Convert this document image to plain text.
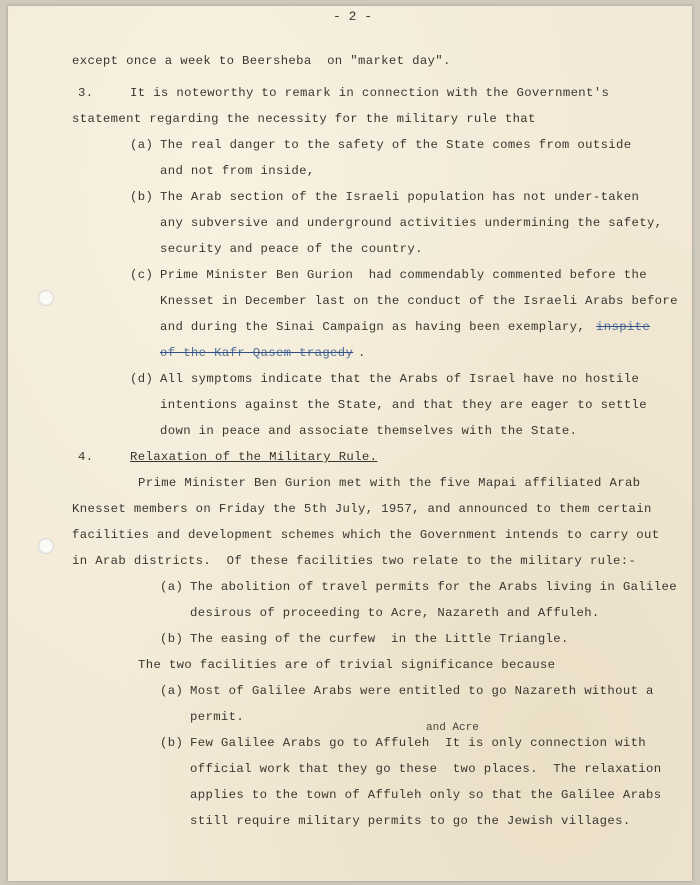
- 2 -
except once a week to Beersheba  on "market day".
3.	It is noteworthy to remark in connection with the Government's
statement regarding the necessity for the military rule that
(a) The real danger to the safety of the State comes from outside
and not from inside,
(b) The Arab section of the Israeli population has not under-taken
any subversive and underground activities undermining the safety,
security and peace of the country.
(c) Prime Minister Ben Gurion  had commendably commented before the
Knesset in December last on the conduct of the Israeli Arabs before
and during the Sinai Campaign as having been exemplary, inspite
of the Kafr Qasem tragedy .
(d) All symptoms indicate that the Arabs of Israel have no hostile
intentions against the State, and that they are eager to settle
down in peace and associate themselves with the State.
4.	Relaxation of the Military Rule.
Prime Minister Ben Gurion met with the five Mapai affiliated Arab
Knesset members on Friday the 5th July, 1957, and announced to them certain
facilities and development schemes which the Government intends to carry out
in Arab districts.  Of these facilities two relate to the military rule:-
(a) The abolition of travel permits for the Arabs living in Galilee
desirous of proceeding to Acre, Nazareth and Affuleh.
(b) The easing of the curfew  in the Little Triangle.
The two facilities are of trivial significance because
(a) Most of Galilee Arabs were entitled to go Nazareth without a
permit.
and Acre
(b) Few Galilee Arabs go to Affuleh  It is only connection with
official work that they go these  two places.  The relaxation
applies to the town of Affuleh only so that the Galilee Arabs
still require military permits to go the Jewish villages.
